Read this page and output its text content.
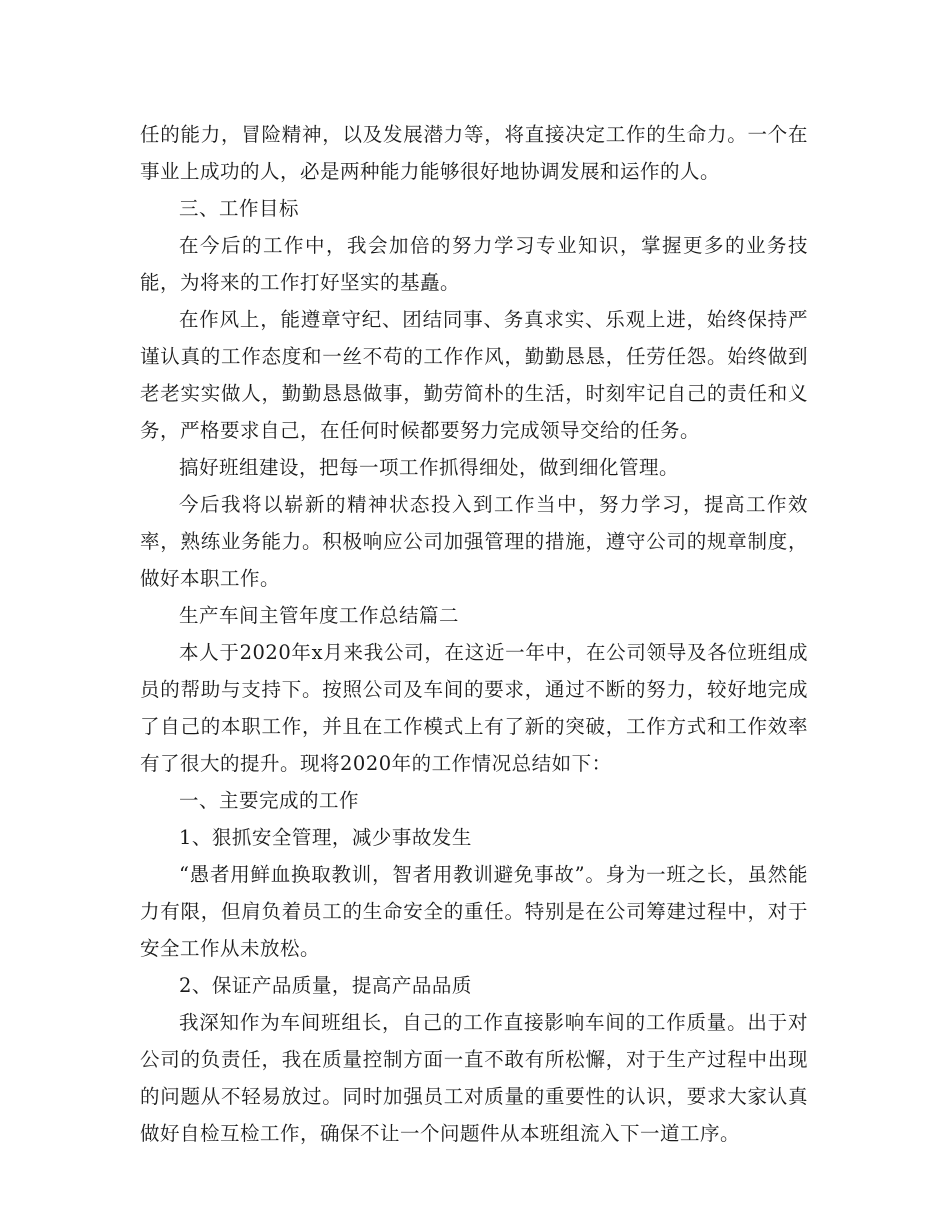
任的能力，冒险精神，以及发展潜力等，将直接决定工作的生命力。一个在事业上成功的人，必是两种能力能够很好地协调发展和运作的人。

三、工作目标

在今后的工作中，我会加倍的努力学习专业知识，掌握更多的业务技能，为将来的工作打好坚实的基矗。

在作风上，能遵章守纪、团结同事、务真求实、乐观上进，始终保持严谨认真的工作态度和一丝不苟的工作作风，勤勤恳恳，任劳任怨。始终做到老老实实做人，勤勤恳恳做事，勤劳简朴的生活，时刻牢记自己的责任和义务，严格要求自己，在任何时候都要努力完成领导交给的任务。

搞好班组建设，把每一项工作抓得细处，做到细化管理。

今后我将以崭新的精神状态投入到工作当中，努力学习，提高工作效率，熟练业务能力。积极响应公司加强管理的措施，遵守公司的规章制度，做好本职工作。

生产车间主管年度工作总结篇二

本人于2020年x月来我公司，在这近一年中，在公司领导及各位班组成员的帮助与支持下。按照公司及车间的要求，通过不断的努力，较好地完成了自己的本职工作，并且在工作模式上有了新的突破，工作方式和工作效率有了很大的提升。现将2020年的工作情况总结如下：

一、主要完成的工作

1、狠抓安全管理，减少事故发生

“愚者用鲜血换取教训，智者用教训避免事故”。身为一班之长，虽然能力有限，但肩负着员工的生命安全的重任。特别是在公司筹建过程中，对于安全工作从未放松。

2、保证产品质量，提高产品品质

我深知作为车间班组长，自己的工作直接影响车间的工作质量。出于对公司的负责任，我在质量控制方面一直不敢有所松懈，对于生产过程中出现的问题从不轻易放过。同时加强员工对质量的重要性的认识，要求大家认真做好自检互检工作，确保不让一个问题件从本班组流入下一道工序。
